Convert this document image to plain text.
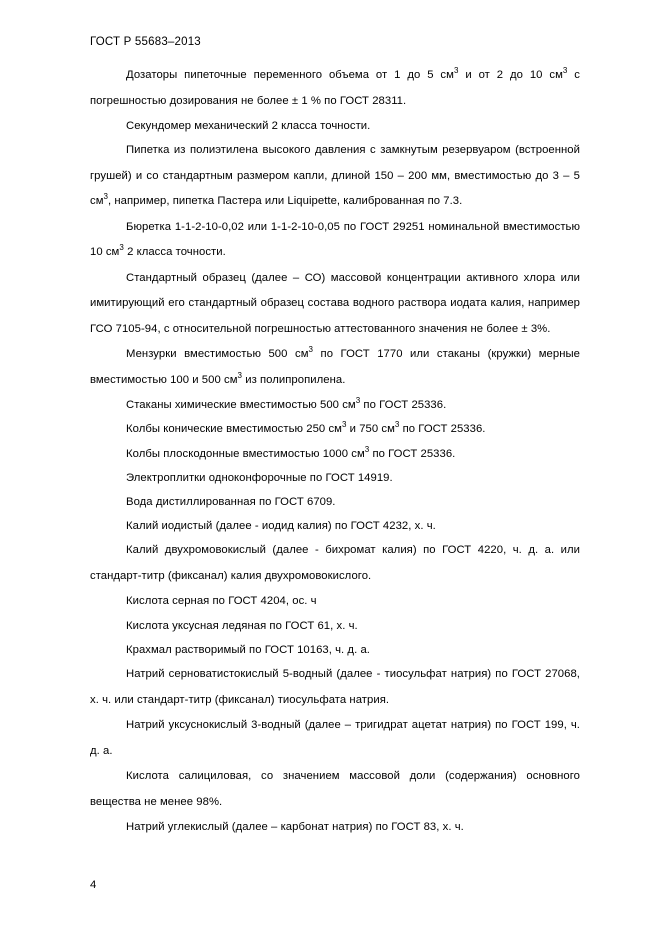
ГОСТ Р 55683–2013

Дозаторы пипеточные переменного объема от 1 до 5 $см^3$ и от 2 до 10 $см^3$ с погрешностью дозирования не более ± 1 % по ГОСТ 28311.

Секундомер механический 2 класса точности.

Пипетка из полиэтилена высокого давления с замкнутым резервуаром (встроенной грушей) и со стандартным размером капли, длиной 150 – 200 мм, вместимостью до 3 – 5 $см^3$, например, пипетка Пастера или Liquipette, калиброванная по 7.3.

Бюретка 1-1-2-10-0,02 или 1-1-2-10-0,05 по ГОСТ 29251 номинальной вместимостью 10 $см^3$ 2 класса точности.

Стандартный образец (далее – СО) массовой концентрации активного хлора или имитирующий его стандартный образец состава водного раствора иодата калия, например ГСО 7105-94, с относительной погрешностью аттестованного значения не более ± 3%.

Мензурки вместимостью 500 $см^3$ по ГОСТ 1770 или стаканы (кружки) мерные вместимостью 100 и 500 $см^3$ из полипропилена.

Стаканы химические вместимостью 500 $см^3$ по ГОСТ 25336.

Колбы конические вместимостью 250 $см^3$ и 750 $см^3$ по ГОСТ 25336.

Колбы плоскодонные вместимостью 1000 $см^3$ по ГОСТ 25336.

Электроплитки одноконфорочные по ГОСТ 14919.

Вода дистиллированная по ГОСТ 6709.

Калий иодистый (далее - иодид калия) по ГОСТ 4232, х. ч.

Калий двухромовокислый (далее - бихромат калия) по ГОСТ 4220, ч. д. а. или стандарт-титр (фиксанал) калия двухромовокислого.

Кислота серная по ГОСТ 4204, ос. ч

Кислота уксусная ледяная по ГОСТ 61, х. ч.

Крахмал растворимый по ГОСТ 10163, ч. д. а.

Натрий серноватистокислый 5-водный (далее - тиосульфат натрия) по ГОСТ 27068, х. ч. или стандарт-титр (фиксанал) тиосульфата натрия.

Натрий уксуснокислый 3-водный (далее – тригидрат ацетат натрия) по ГОСТ 199, ч. д. а.

Кислота салициловая, со значением массовой доли (содержания) основного вещества не менее 98%.

Натрий углекислый (далее – карбонат натрия) по ГОСТ 83, х. ч.

4
